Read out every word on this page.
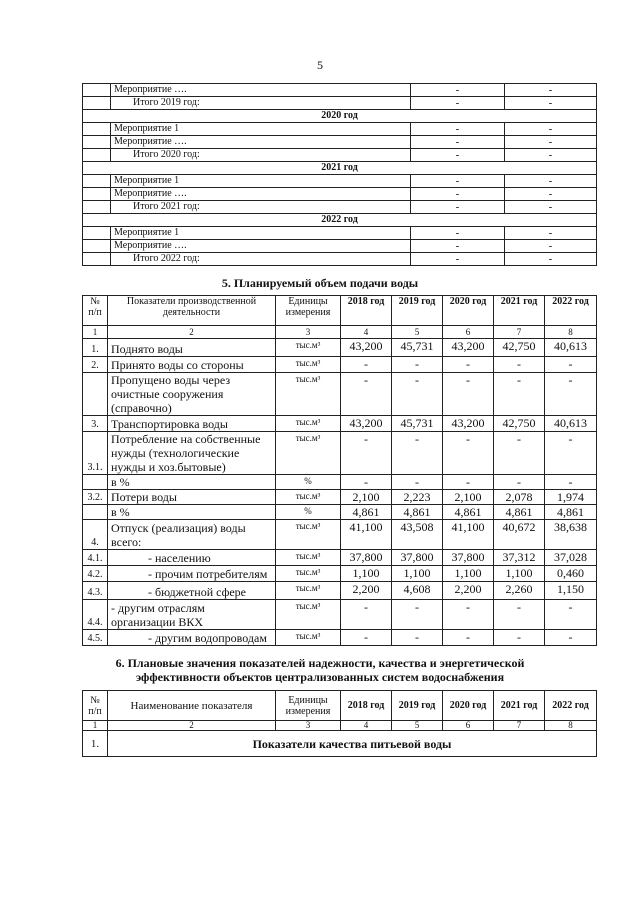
5
	Мероприятие ….	-	-
	Итого 2019 год:	-	-
2020 год			
	Мероприятие 1	-	-
	Мероприятие ….	-	-
	Итого 2020 год:	-	-
2021 год			
	Мероприятие 1	-	-
	Мероприятие ….	-	-
	Итого 2021 год:	-	-
2022 год			
	Мероприятие 1	-	-
	Мероприятие ….	-	-
	Итого 2022 год:	-	-
5. Планируемый объем подачи воды
№ п/п	Показатели производственной деятельности	Единицы измерения	2018 год	2019 год	2020 год	2021 год	2022 год
1	2	3	4	5	6	7	8
1.	Поднято воды	тыс.м³	43,200	45,731	43,200	42,750	40,613
2.	Принято воды со стороны	тыс.м³	-	-	-	-	-
	Пропущено воды через очистные сооружения (справочно)	тыс.м³	-	-	-	-	-
3.	Транспортировка воды	тыс.м³	43,200	45,731	43,200	42,750	40,613
3.1.	Потребление на собственные нужды (технологические нужды и хоз.бытовые)	тыс.м³	-	-	-	-	-
	в %	%	-	-	-	-	-
3.2.	Потери воды	тыс.м³	2,100	2,223	2,100	2,078	1,974
	в %	%	4,861	4,861	4,861	4,861	4,861
4.	Отпуск (реализация) воды всего:	тыс.м³	41,100	43,508	41,100	40,672	38,638
4.1.	- населению	тыс.м³	37,800	37,800	37,800	37,312	37,028
4.2.	- прочим потребителям	тыс.м³	1,100	1,100	1,100	1,100	0,460
4.3.	- бюджетной сфере	тыс.м³	2,200	4,608	2,200	2,260	1,150
4.4.	- другим отраслям организации ВКХ	тыс.м³	-	-	-	-	-
4.5.	- другим водопроводам	тыс.м³	-	-	-	-	-
6. Плановые значения показателей надежности, качества и энергетической
эффективности объектов централизованных систем водоснабжения
№ п/п	Наименование показателя	Единицы измерения	2018 год	2019 год	2020 год	2021 год	2022 год
1	2	3	4	5	6	7	8
1.	Показатели качества питьевой воды						
